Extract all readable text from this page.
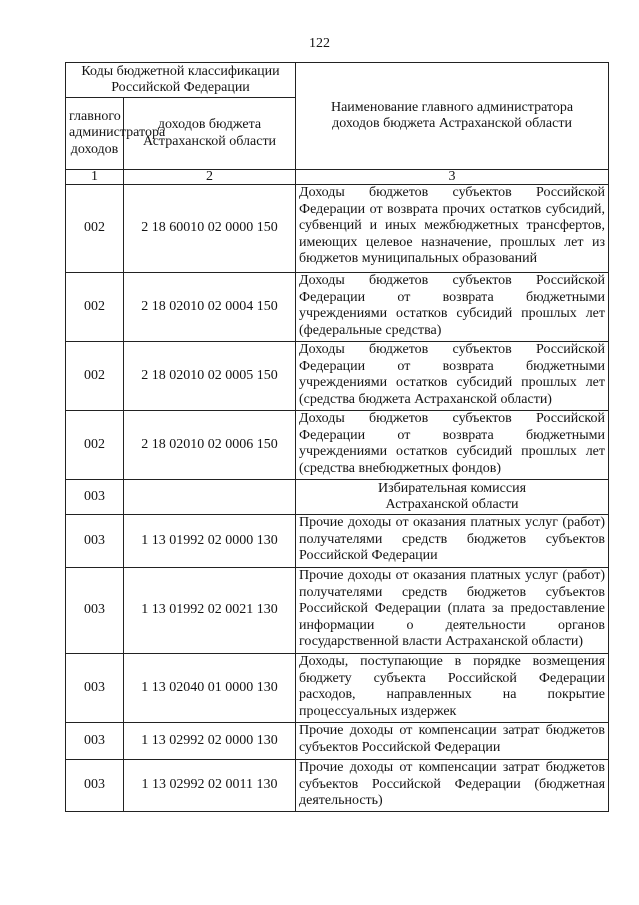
122
Коды бюджетной классификации Российской Федерации		Наименование главного администратора доходов бюджета Астраханской области
главного администратора доходов	доходов бюджета Астраханской области	
1	2	3
002	2 18 60010 02 0000 150	Доходы бюджетов субъектов Российской Федерации от возврата прочих остатков субсидий, субвенций и иных межбюджетных трансфертов, имеющих целевое назначение, прошлых лет из бюджетов муниципальных образований
002	2 18 02010 02 0004 150	Доходы бюджетов субъектов Российской Федерации от возврата бюджетными учреждениями остатков субсидий прошлых лет (федеральные средства)
002	2 18 02010 02 0005 150	Доходы бюджетов субъектов Российской Федерации от возврата бюджетными учреждениями остатков субсидий прошлых лет (средства бюджета Астраханской области)
002	2 18 02010 02 0006 150	Доходы бюджетов субъектов Российской Федерации от возврата бюджетными учреждениями остатков субсидий прошлых лет (средства внебюджетных фондов)
003		Избирательная комиссия Астраханской области
003	1 13 01992 02 0000 130	Прочие доходы от оказания платных услуг (работ) получателями средств бюджетов субъектов Российской Федерации
003	1 13 01992 02 0021 130	Прочие доходы от оказания платных услуг (работ) получателями средств бюджетов субъектов Российской Федерации (плата за предоставление информации о деятельности органов государственной власти Астраханской области)
003	1 13 02040 01 0000 130	Доходы, поступающие в порядке возмещения бюджету субъекта Российской Федерации расходов, направленных на покрытие процессуальных издержек
003	1 13 02992 02 0000 130	Прочие доходы от компенсации затрат бюджетов субъектов Российской Федерации
003	1 13 02992 02 0011 130	Прочие доходы от компенсации затрат бюджетов субъектов Российской Федерации (бюджетная деятельность)
